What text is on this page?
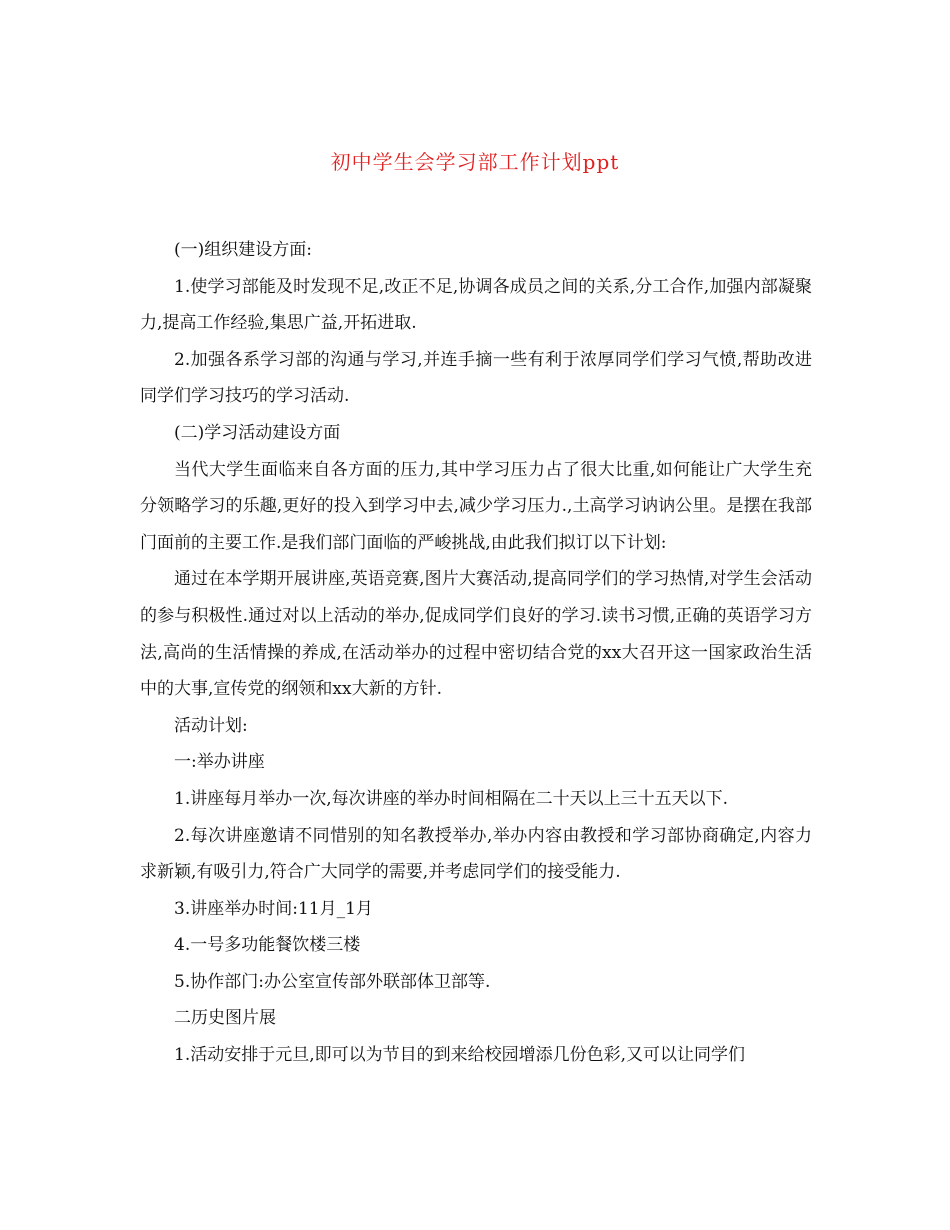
初中学生会学习部工作计划ppt

(一)组织建设方面:

1.使学习部能及时发现不足,改正不足,协调各成员之间的关系,分工合作,加强内部凝聚力,提高工作经验,集思广益,开拓进取.

2.加强各系学习部的沟通与学习,并连手摘一些有利于浓厚同学们学习气愤,帮助改进同学们学习技巧的学习活动.

(二)学习活动建设方面

当代大学生面临来自各方面的压力,其中学习压力占了很大比重,如何能让广大学生充分领略学习的乐趣,更好的投入到学习中去,减少学习压力.,土高学习讷讷公里。是摆在我部门面前的主要工作.是我们部门面临的严峻挑战,由此我们拟订以下计划:

通过在本学期开展讲座,英语竞赛,图片大赛活动,提高同学们的学习热情,对学生会活动的参与积极性.通过对以上活动的举办,促成同学们良好的学习.读书习惯,正确的英语学习方法,高尚的生活情操的养成,在活动举办的过程中密切结合党的xx大召开这一国家政治生活中的大事,宣传党的纲领和xx大新的方针.

活动计划:

一:举办讲座

1.讲座每月举办一次,每次讲座的举办时间相隔在二十天以上三十五天以下.

2.每次讲座邀请不同惜别的知名教授举办,举办内容由教授和学习部协商确定,内容力求新颖,有吸引力,符合广大同学的需要,并考虑同学们的接受能力.

3.讲座举办时间:11月_1月

4.一号多功能餐饮楼三楼

5.协作部门:办公室宣传部外联部体卫部等.

二历史图片展

1.活动安排于元旦,即可以为节目的到来给校园增添几份色彩,又可以让同学们
